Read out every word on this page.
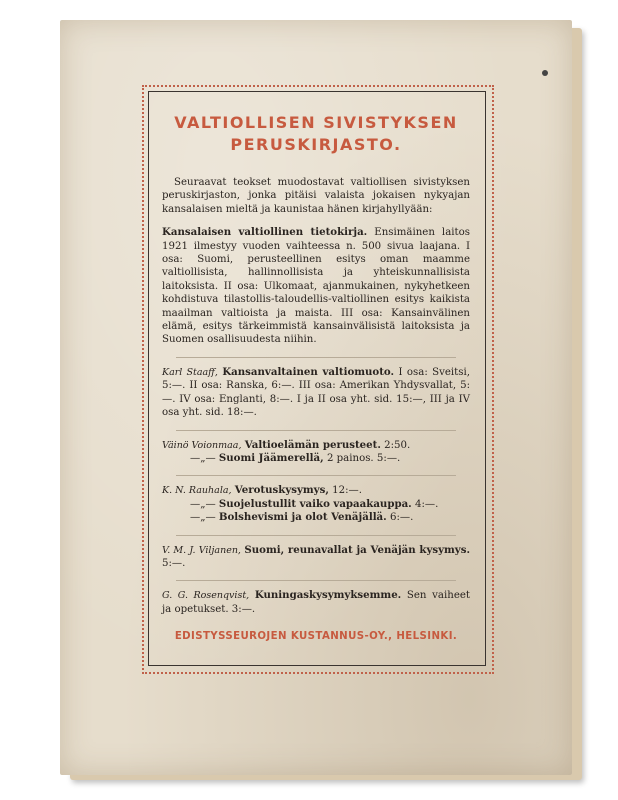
VALTIOLLISEN SIVISTYKSEN PERUSKIRJASTO.

Seuraavat teokset muodostavat valtiollisen sivistyksen peruskirjaston, jonka pitäisi valaista jokaisen nykyajan kansalaisen mieltä ja kaunistaa hänen kirjahyllyään:

Kansalaisen valtiollinen tietokirja. Ensimäinen laitos 1921 ilmestyy vuoden vaihteessa n. 500 sivua laajana. I osa: Suomi, perusteellinen esitys oman maamme valtiollisista, hallinnollisista ja yhteiskunnallisista laitoksista. II osa: Ulkomaat, ajanmukainen, nykyhetkeen kohdistuva tilastollis-taloudellis-valtiollinen esitys kaikista maailman valtioista ja maista. III osa: Kansainvälinen elämä, esitys tärkeimmistä kansainvälisistä laitoksista ja Suomen osallisuudesta niihin.

Karl Staaff, Kansanvaltainen valtiomuoto. I osa: Sveitsi, 5:—. II osa: Ranska, 6:—. III osa: Amerikan Yhdysvallat, 5:—. IV osa: Englanti, 8:—. I ja II osa yht. sid. 15:—, III ja IV osa yht. sid. 18:—.

Väinö Voionmaa, Valtioelämän perusteet. 2:50.
—„— Suomi Jäämerellä, 2 painos. 5:—.

K. N. Rauhala, Verotuskysymys, 12:—.
—„— Suojelustullit vaiko vapaakauppa. 4:—.
—„— Bolshevismi ja olot Venäjällä. 6:—.

V. M. J. Viljanen, Suomi, reunavallat ja Venäjän kysymys. 5:—.

G. G. Rosenqvist, Kuningaskysymyksemme. Sen vaiheet ja opetukset. 3:—.

EDISTYSSEUROJEN KUSTANNUS-OY., HELSINKI.
